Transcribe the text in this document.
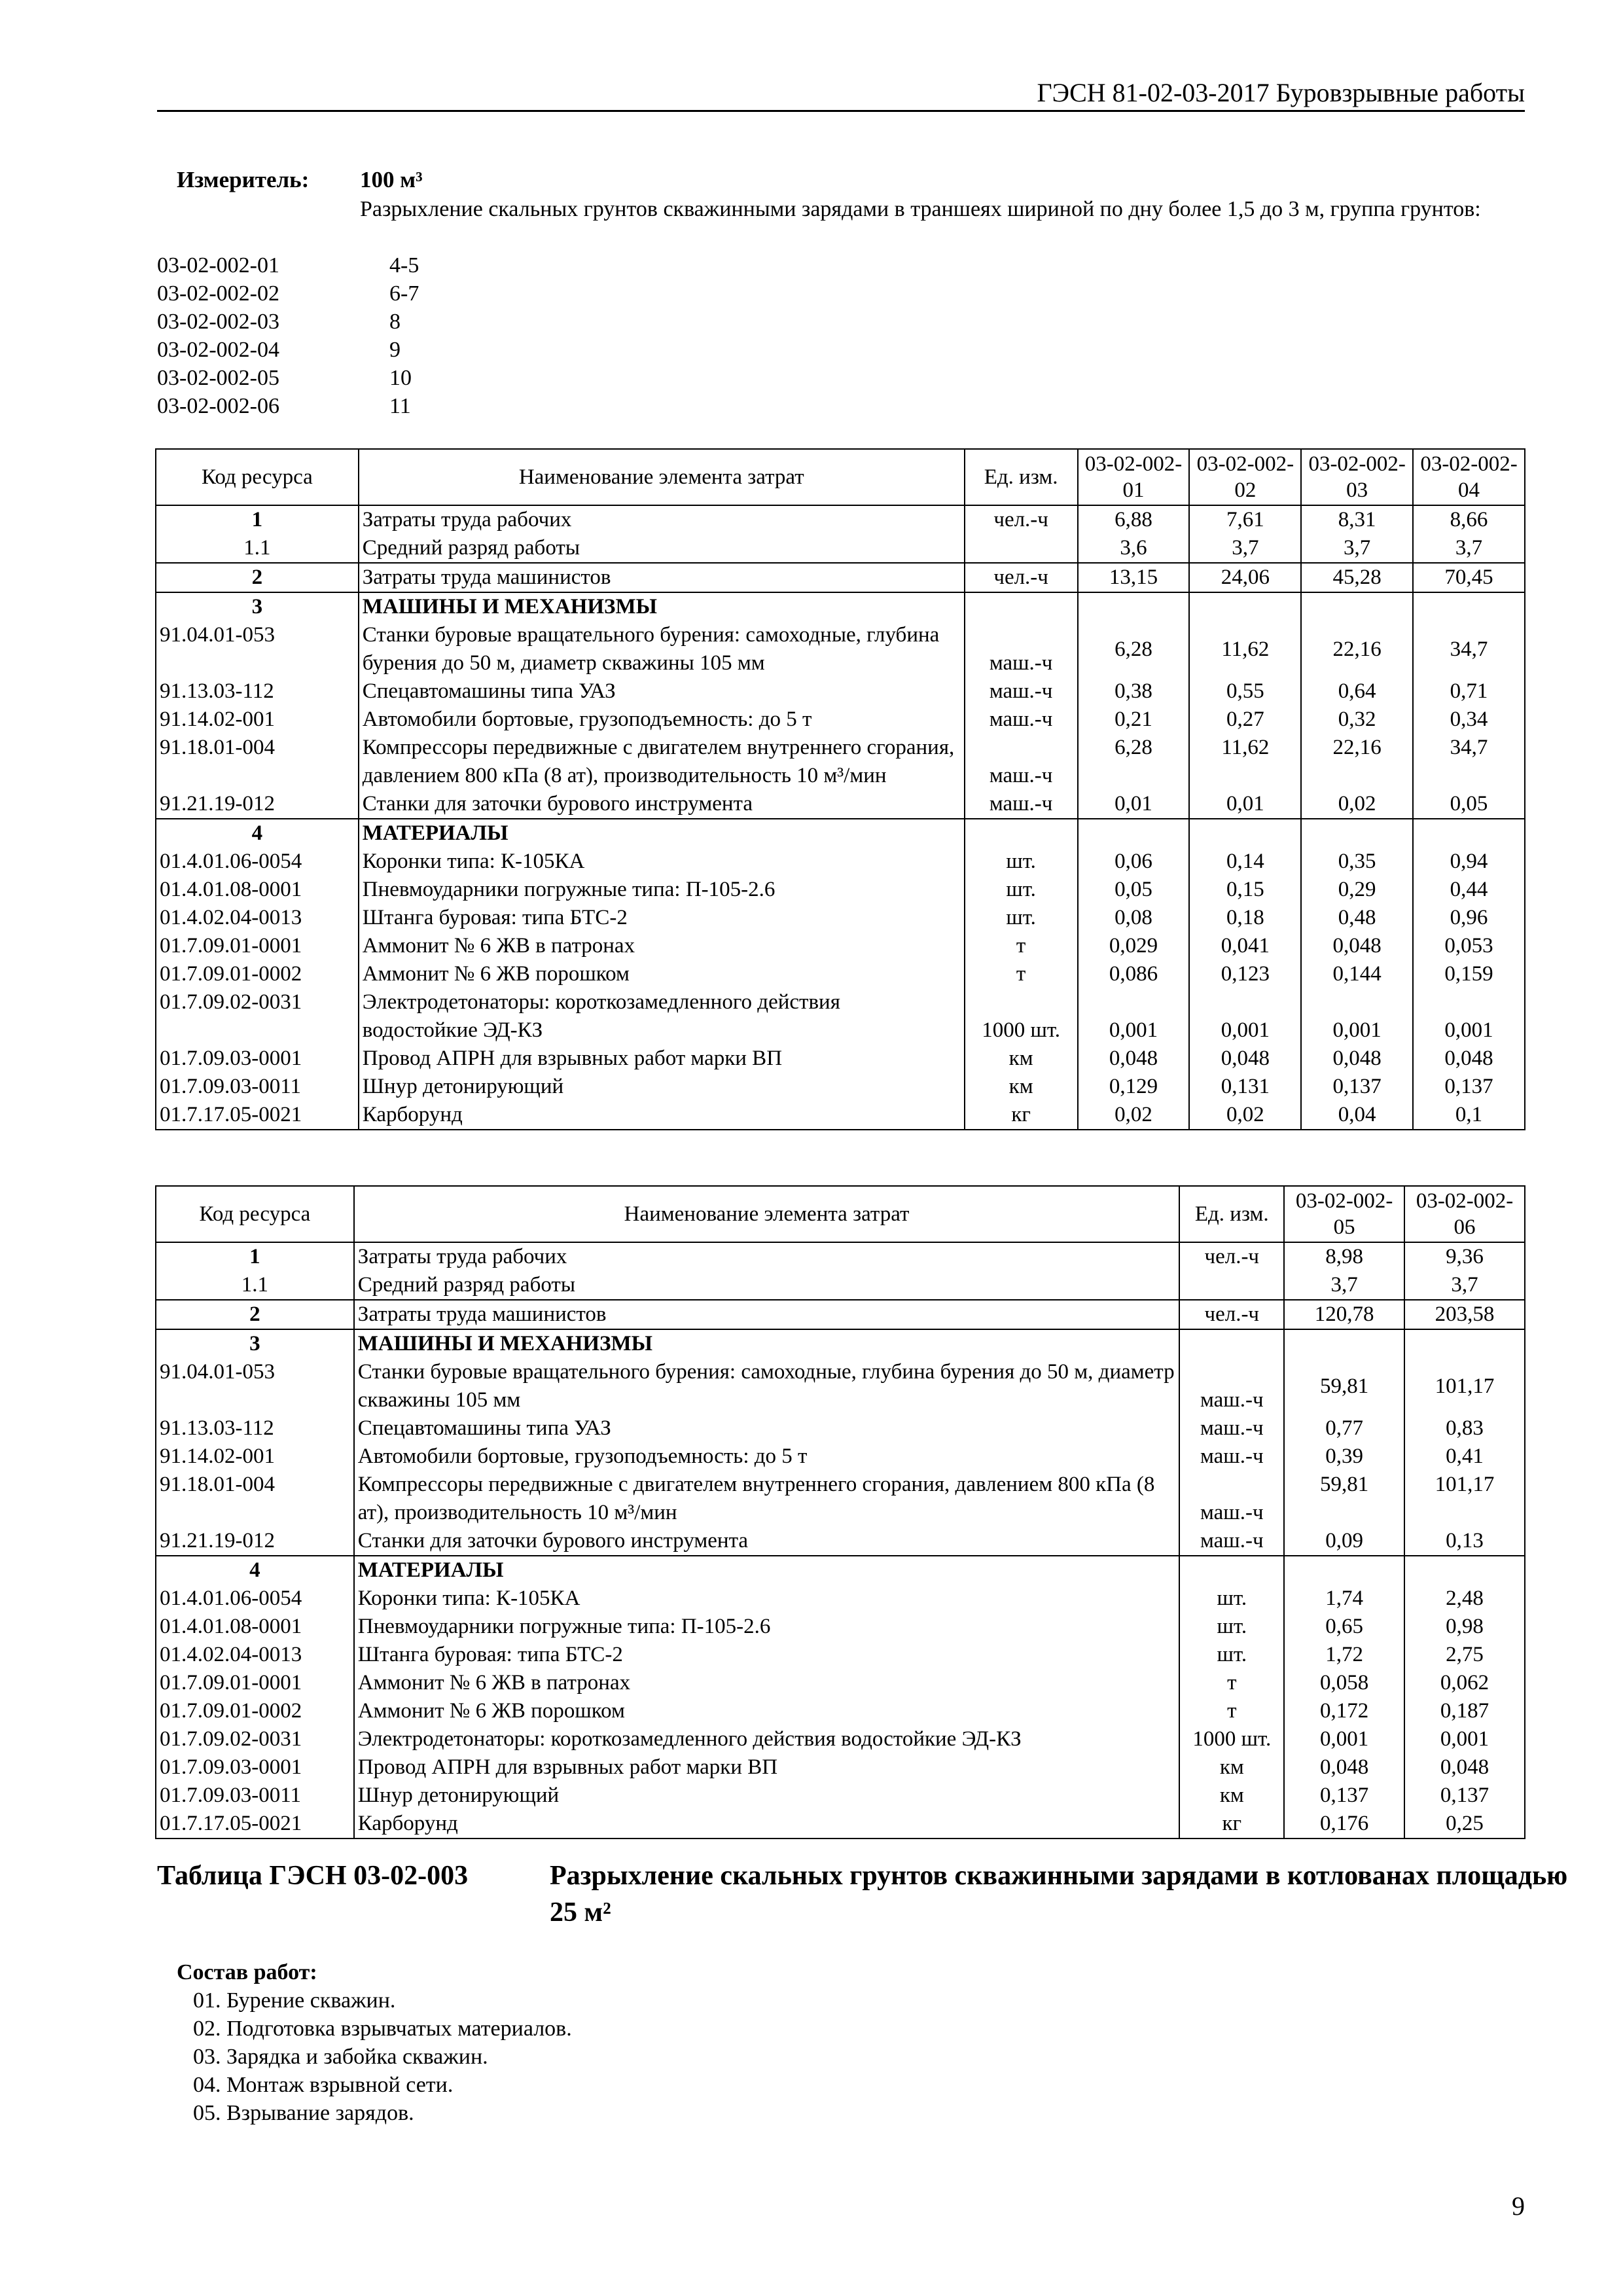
ГЭСН 81-02-03-2017 Буровзрывные работы
Измеритель: 100 м³
Разрыхление скальных грунтов скважинными зарядами в траншеях шириной по дну более 1,5 до 3 м, группа грунтов:
03-02-002-01	4-5
03-02-002-02	6-7
03-02-002-03	8
03-02-002-04	9
03-02-002-05	10
03-02-002-06	11
Код ресурса	Наименование элемента затрат	Ед. изм.	03-02-002-01	03-02-002-02	03-02-002-03	03-02-002-04
1	Затраты труда рабочих	чел.-ч	6,88	7,61	8,31	8,66
1.1	Средний разряд работы		3,6	3,7	3,7	3,7
2	Затраты труда машинистов	чел.-ч	13,15	24,06	45,28	70,45
3	МАШИНЫ И МЕХАНИЗМЫ					
91.04.01-053	Станки буровые вращательного бурения: самоходные, глубина бурения до 50 м, диаметр скважины 105 мм	маш.-ч	6,28	11,62	22,16	34,7
91.13.03-112	Спецавтомашины типа УАЗ	маш.-ч	0,38	0,55	0,64	0,71
91.14.02-001	Автомобили бортовые, грузоподъемность: до 5 т	маш.-ч	0,21	0,27	0,32	0,34
91.18.01-004	Компрессоры передвижные с двигателем внутреннего сгорания, давлением 800 кПа (8 ат), производительность 10 м³/мин	маш.-ч	6,28	11,62	22,16	34,7
91.21.19-012	Станки для заточки бурового инструмента	маш.-ч	0,01	0,01	0,02	0,05
4	МАТЕРИАЛЫ					
01.4.01.06-0054	Коронки типа: К-105КА	шт.	0,06	0,14	0,35	0,94
01.4.01.08-0001	Пневмоударники погружные типа: П-105-2.6	шт.	0,05	0,15	0,29	0,44
01.4.02.04-0013	Штанга буровая: типа БТС-2	шт.	0,08	0,18	0,48	0,96
01.7.09.01-0001	Аммонит № 6 ЖВ в патронах	т	0,029	0,041	0,048	0,053
01.7.09.01-0002	Аммонит № 6 ЖВ порошком	т	0,086	0,123	0,144	0,159
01.7.09.02-0031	Электродетонаторы: короткозамедленного действия водостойкие ЭД-КЗ	1000 шт.	0,001	0,001	0,001	0,001
01.7.09.03-0001	Провод АПРН для взрывных работ марки ВП	км	0,048	0,048	0,048	0,048
01.7.09.03-0011	Шнур детонирующий	км	0,129	0,131	0,137	0,137
01.7.17.05-0021	Карборунд	кг	0,02	0,02	0,04	0,1
Код ресурса	Наименование элемента затрат	Ед. изм.	03-02-002-05	03-02-002-06
1	Затраты труда рабочих	чел.-ч	8,98	9,36
1.1	Средний разряд работы		3,7	3,7
2	Затраты труда машинистов	чел.-ч	120,78	203,58
3	МАШИНЫ И МЕХАНИЗМЫ			
91.04.01-053	Станки буровые вращательного бурения: самоходные, глубина бурения до 50 м, диаметр скважины 105 мм	маш.-ч	59,81	101,17
91.13.03-112	Спецавтомашины типа УАЗ	маш.-ч	0,77	0,83
91.14.02-001	Автомобили бортовые, грузоподъемность: до 5 т	маш.-ч	0,39	0,41
91.18.01-004	Компрессоры передвижные с двигателем внутреннего сгорания, давлением 800 кПа (8 ат), производительность 10 м³/мин	маш.-ч	59,81	101,17
91.21.19-012	Станки для заточки бурового инструмента	маш.-ч	0,09	0,13
4	МАТЕРИАЛЫ			
01.4.01.06-0054	Коронки типа: К-105КА	шт.	1,74	2,48
01.4.01.08-0001	Пневмоударники погружные типа: П-105-2.6	шт.	0,65	0,98
01.4.02.04-0013	Штанга буровая: типа БТС-2	шт.	1,72	2,75
01.7.09.01-0001	Аммонит № 6 ЖВ в патронах	т	0,058	0,062
01.7.09.01-0002	Аммонит № 6 ЖВ порошком	т	0,172	0,187
01.7.09.02-0031	Электродетонаторы: короткозамедленного действия водостойкие ЭД-КЗ	1000 шт.	0,001	0,001
01.7.09.03-0001	Провод АПРН для взрывных работ марки ВП	км	0,048	0,048
01.7.09.03-0011	Шнур детонирующий	км	0,137	0,137
01.7.17.05-0021	Карборунд	кг	0,176	0,25
Таблица ГЭСН 03-02-003	Разрыхление скальных грунтов скважинными зарядами в котлованах площадью 25 м²
Состав работ:
01. Бурение скважин.
02. Подготовка взрывчатых материалов.
03. Зарядка и забойка скважин.
04. Монтаж взрывной сети.
05. Взрывание зарядов.
9
